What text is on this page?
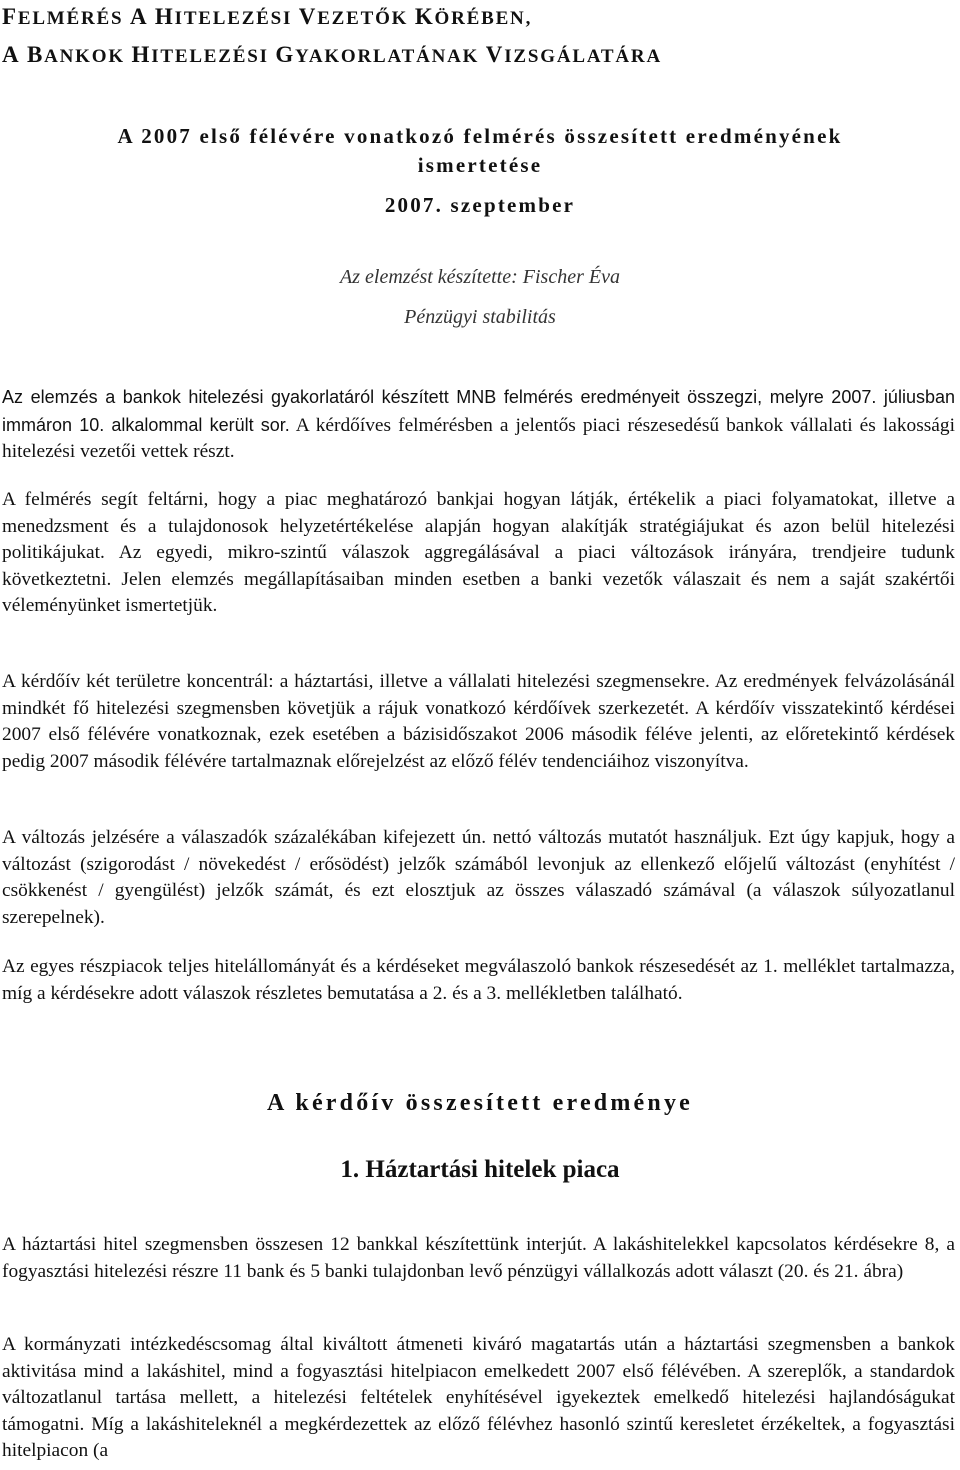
FELMÉRÉS A HITELEZÉSI VEZETŐK KÖRÉBEN,
A BANKOK HITELEZÉSI GYAKORLATÁNAK VIZSGÁLATÁRA
A 2007 első félévére vonatkozó felmérés összesített eredményének
ismertetése
2007. szeptember
Az elemzést készítette: Fischer Éva
Pénzügyi stabilitás
Az elemzés a bankok hitelezési gyakorlatáról készített MNB felmérés eredményeit összegzi, melyre 2007. júliusban immáron 10. alkalommal került sor. A kérdőíves felmérésben a jelentős piaci részesedésű bankok vállalati és lakossági hitelezési vezetői vettek részt.
A felmérés segít feltárni, hogy a piac meghatározó bankjai hogyan látják, értékelik a piaci folyamatokat, illetve a menedzsment és a tulajdonosok helyzetértékelése alapján hogyan alakítják stratégiájukat és azon belül hitelezési politikájukat. Az egyedi, mikro-szintű válaszok aggregálásával a piaci változások irányára, trendjeire tudunk következtetni. Jelen elemzés megállapításaiban minden esetben a banki vezetők válaszait és nem a saját szakértői véleményünket ismertetjük.
A kérdőív két területre koncentrál: a háztartási, illetve a vállalati hitelezési szegmensekre. Az eredmények felvázolásánál mindkét fő hitelezési szegmensben követjük a rájuk vonatkozó kérdőívek szerkezetét. A kérdőív visszatekintő kérdései 2007 első félévére vonatkoznak, ezek esetében a bázisidőszakot 2006 második féléve jelenti, az előretekintő kérdések pedig 2007 második félévére tartalmaznak előrejelzést az előző félév tendenciáihoz viszonyítva.
A változás jelzésére a válaszadók százalékában kifejezett ún. nettó változás mutatót használjuk. Ezt úgy kapjuk, hogy a változást (szigorodást / növekedést / erősödést) jelzők számából levonjuk az ellenkező előjelű változást (enyhítést / csökkenést / gyengülést) jelzők számát, és ezt elosztjuk az összes válaszadó számával (a válaszok súlyozatlanul szerepelnek).
Az egyes részpiacok teljes hitelállományát és a kérdéseket megválaszoló bankok részesedését az 1. melléklet tartalmazza, míg a kérdésekre adott válaszok részletes bemutatása a 2. és a 3. mellékletben található.
A kérdőív összesített eredménye
1. Háztartási hitelek piaca
A háztartási hitel szegmensben összesen 12 bankkal készítettünk interjút. A lakáshitelekkel kapcsolatos kérdésekre 8, a fogyasztási hitelezési részre 11 bank és 5 banki tulajdonban levő pénzügyi vállalkozás adott választ (20. és 21. ábra)
A kormányzati intézkedéscsomag által kiváltott átmeneti kiváró magatartás után a háztartási szegmensben a bankok aktivitása mind a lakáshitel, mind a fogyasztási hitelpiacon emelkedett 2007 első félévében. A szereplők, a standardok változatlanul tartása mellett, a hitelezési feltételek enyhítésével igyekeztek emelkedő hitelezési hajlandóságukat támogatni. Míg a lakáshiteleknél a megkérdezettek az előző félévhez hasonló szintű keresletet érzékeltek, a fogyasztási hitelpiacon (a
